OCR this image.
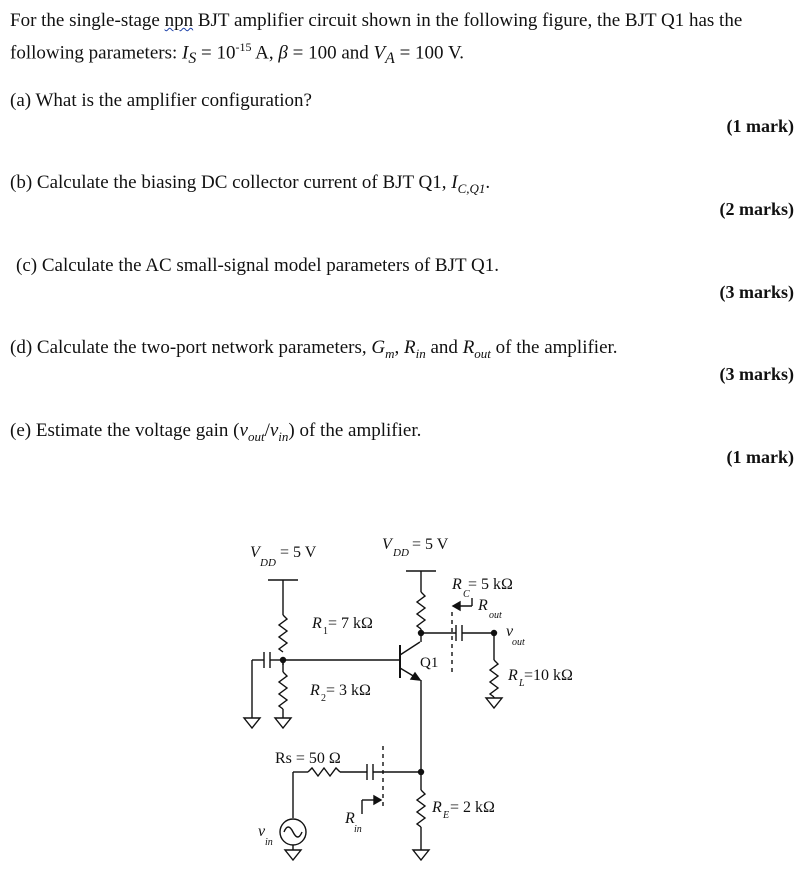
For the single-stage npn BJT amplifier circuit shown in the following figure, the BJT Q1 has the following parameters: $I_S = 10^{-15}$ A, β = 100 and $V_A = 100$ V.
(a) What is the amplifier configuration?
(1 mark)
(b) Calculate the biasing DC collector current of BJT Q1, $I_{C,Q1}$.
(2 marks)
(c) Calculate the AC small-signal model parameters of BJT Q1.
(3 marks)
(d) Calculate the two-port network parameters, $G_m$, $R_{in}$ and $R_{out}$ of the amplifier.
(3 marks)
(e) Estimate the voltage gain $(v_{out}/v_{in})$ of the amplifier.
(1 mark)
V
DD
= 5 V
R 1 = 7 kΩ
R 2 = 3 kΩ
Q1
V DD = 5 V
R
C
= 5 kΩ
R
out
v
out
R L =10 kΩ
R E = 2 kΩ
Rs = 50 Ω
v
in
R
in
